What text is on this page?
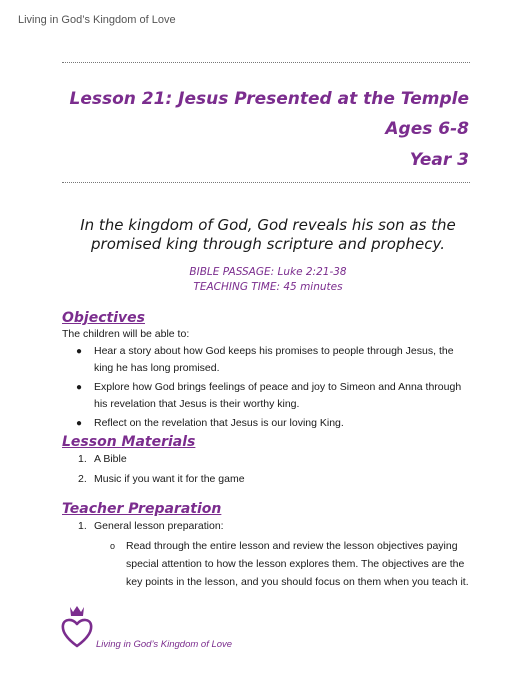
Living in God’s Kingdom of Love
Lesson 21: Jesus Presented at the Temple
Ages 6-8
Year 3
In the kingdom of God, God reveals his son as the promised king through scripture and prophecy.
BIBLE PASSAGE: Luke 2:21-38
TEACHING TIME: 45 minutes
Objectives
The children will be able to:
● Hear a story about how God keeps his promises to people through Jesus, the king he has long promised.
● Explore how God brings feelings of peace and joy to Simeon and Anna through his revelation that Jesus is their worthy king.
● Reflect on the revelation that Jesus is our loving King.
Lesson Materials
1. A Bible
2. Music if you want it for the game
Teacher Preparation
1. General lesson preparation:
o Read through the entire lesson and review the lesson objectives paying special attention to how the lesson explores them. The objectives are the key points in the lesson, and you should focus on them when you teach it.
Living in God’s Kingdom of Love
